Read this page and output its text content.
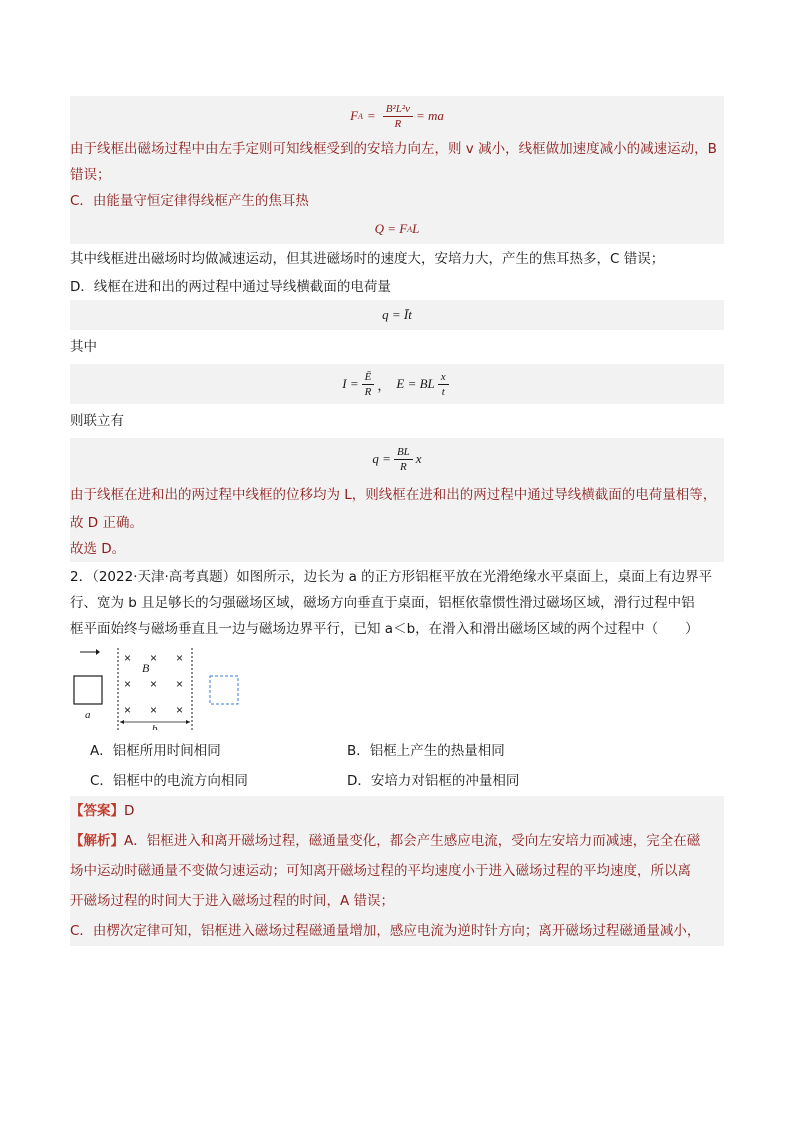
F $A = \frac{\text{B²L²v}}{R}$ = ma
由于线框出磁场过程中由左手定则可知线框受到的安培力向左，则 v 减小，线框做加速度减小的减速运动，B
错误；
C．由能量守恒定律得线框产生的焦耳热
Q = F A L
其中线框进出磁场时均做减速运动，但其进磁场时的速度大，安培力大，产生的焦耳热多，C 错误；
D．线框在进和出的两过程中通过导线横截面的电荷量
q = Īt
其中
$I = \frac{Ē}{R}$ ， E = BL $\frac{x}{t}$
则联立有
$q = \frac{BL}{R}$ x
由于线框在进和出的两过程中线框的位移均为 L，则线框在进和出的两过程中通过导线横截面的电荷量相等，
故 D 正确。
故选 D。
2．（2022·天津·高考真题）如图所示，边长为 a 的正方形铝框平放在光滑绝缘水平桌面上，桌面上有边界平
行、宽为 b 且足够长的匀强磁场区域，磁场方向垂直于桌面，铝框依靠惯性滑过磁场区域，滑行过程中铝
框平面始终与磁场垂直且一边与磁场边界平行，已知 a＜b，在滑入和滑出磁场区域的两个过程中（　　）
× × ×
× × ×
× × ×
B
b
a
A．铝框所用时间相同	B．铝框上产生的热量相同
C．铝框中的电流方向相同	D．安培力对铝框的冲量相同
【答案】D
【解析】A．铝框进入和离开磁场过程，磁通量变化，都会产生感应电流，受向左安培力而减速，完全在磁
场中运动时磁通量不变做匀速运动；可知离开磁场过程的平均速度小于进入磁场过程的平均速度，所以离
开磁场过程的时间大于进入磁场过程的时间，A 错误；
C．由楞次定律可知，铝框进入磁场过程磁通量增加，感应电流为逆时针方向；离开磁场过程磁通量减小，
